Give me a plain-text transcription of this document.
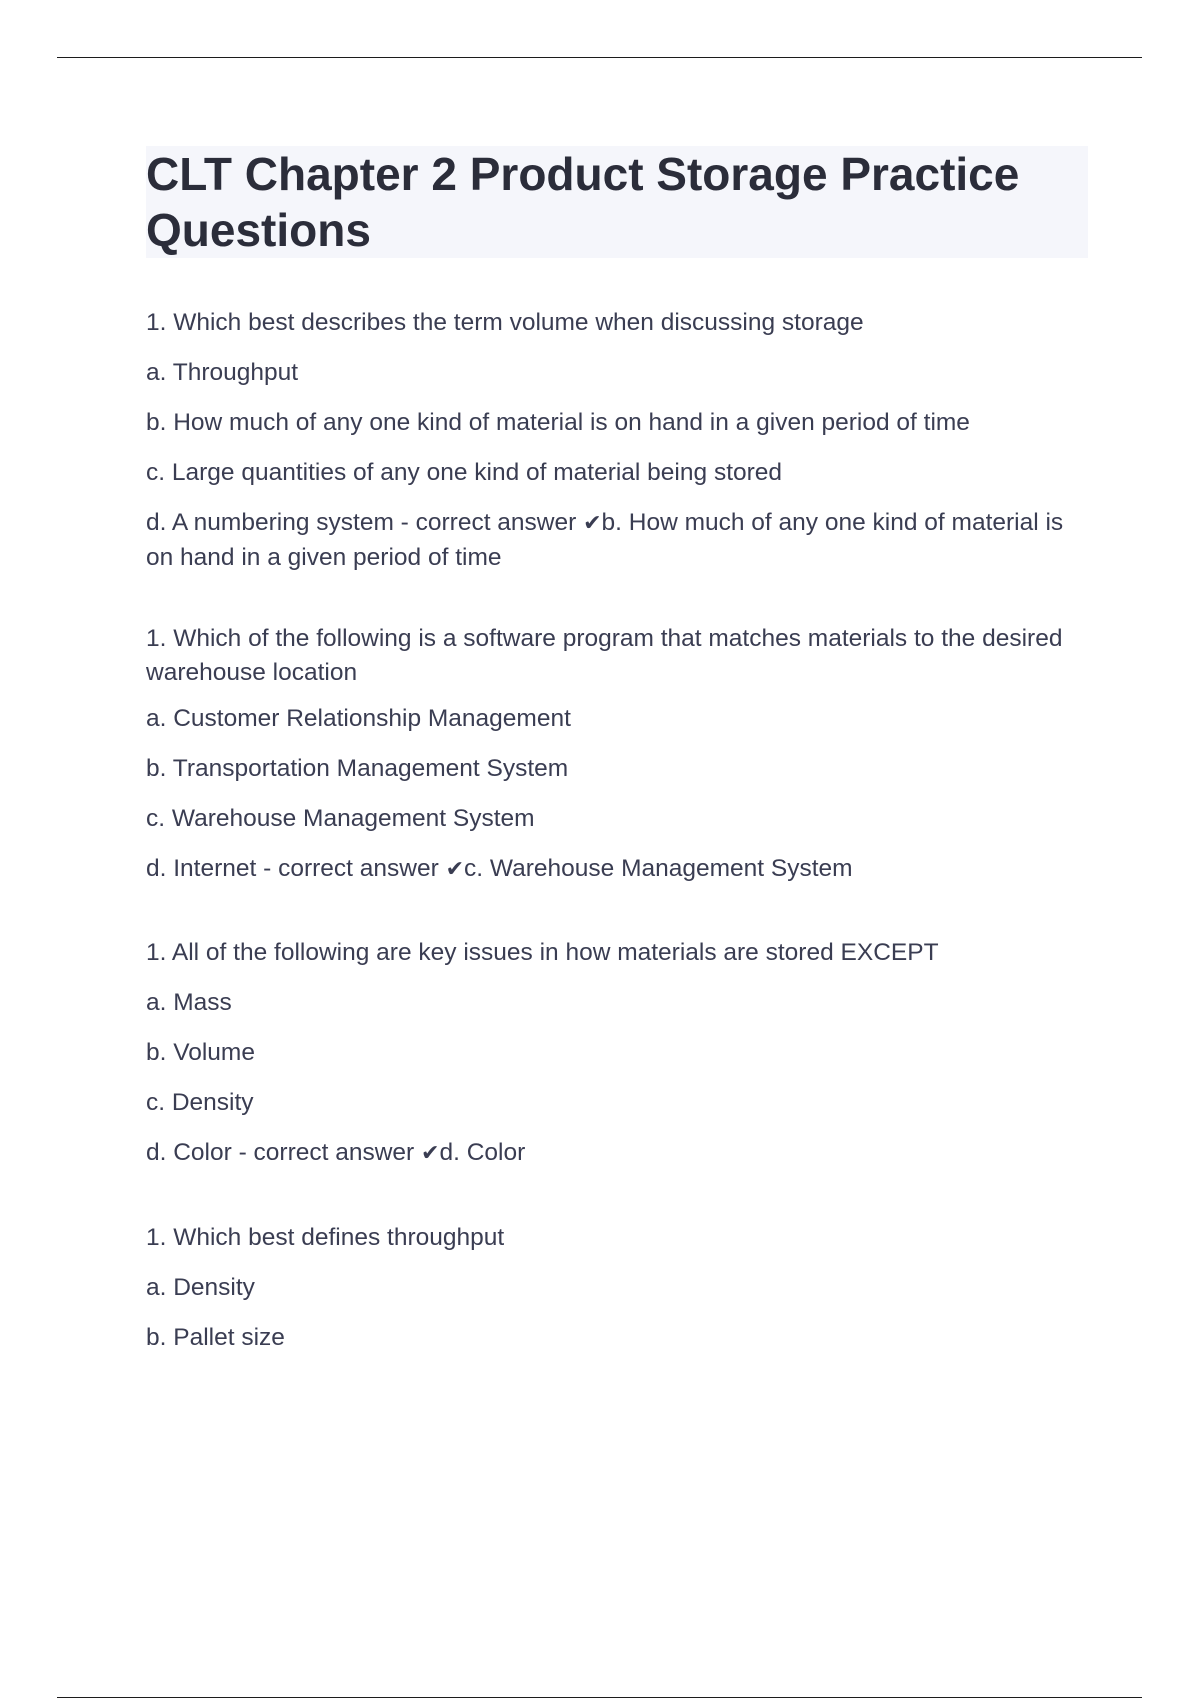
CLT Chapter 2 Product Storage Practice Questions

1. Which best describes the term volume when discussing storage

a. Throughput

b. How much of any one kind of material is on hand in a given period of time

c. Large quantities of any one kind of material being stored

d. A numbering system - correct answer ✔b. How much of any one kind of material is on hand in a given period of time

1. Which of the following is a software program that matches materials to the desired warehouse location

a. Customer Relationship Management

b. Transportation Management System

c. Warehouse Management System

d. Internet - correct answer ✔c. Warehouse Management System

1. All of the following are key issues in how materials are stored EXCEPT

a. Mass

b. Volume

c. Density

d. Color - correct answer ✔d. Color

1. Which best defines throughput

a. Density

b. Pallet size
